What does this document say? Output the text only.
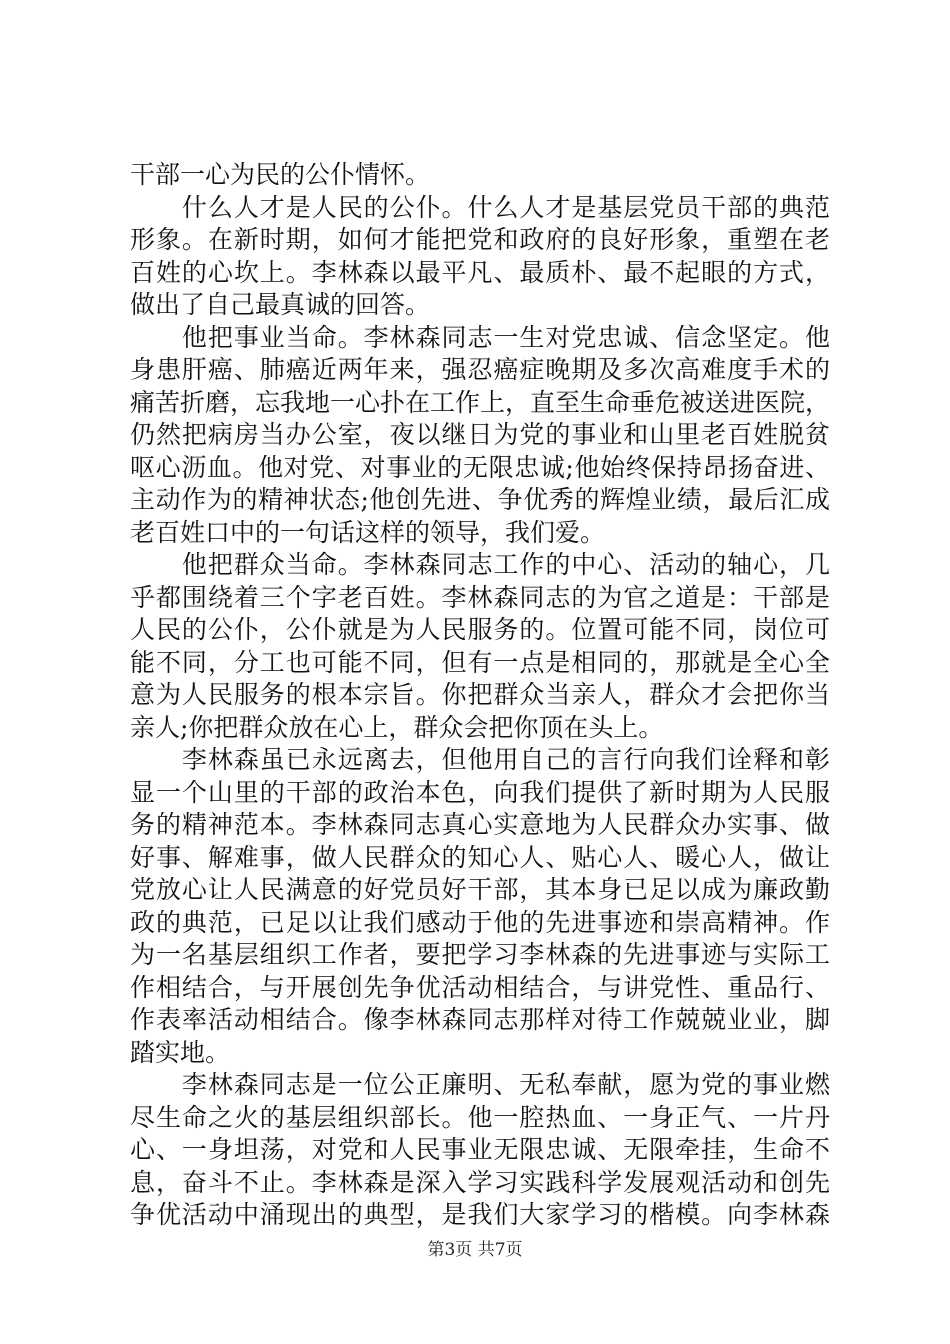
干部一心为民的公仆情怀。
　　什么人才是人民的公仆。什么人才是基层党员干部的典范
形象。在新时期，如何才能把党和政府的良好形象，重塑在老
百姓的心坎上。李林森以最平凡、最质朴、最不起眼的方式，
做出了自己最真诚的回答。
　　他把事业当命。李林森同志一生对党忠诚、信念坚定。他
身患肝癌、肺癌近两年来，强忍癌症晚期及多次高难度手术的
痛苦折磨，忘我地一心扑在工作上，直至生命垂危被送进医院，
仍然把病房当办公室，夜以继日为党的事业和山里老百姓脱贫
呕心沥血。他对党、对事业的无限忠诚;他始终保持昂扬奋进、
主动作为的精神状态;他创先进、争优秀的辉煌业绩，最后汇成
老百姓口中的一句话这样的领导，我们爱。
　　他把群众当命。李林森同志工作的中心、活动的轴心，几
乎都围绕着三个字老百姓。李林森同志的为官之道是：干部是
人民的公仆，公仆就是为人民服务的。位置可能不同，岗位可
能不同，分工也可能不同，但有一点是相同的，那就是全心全
意为人民服务的根本宗旨。你把群众当亲人，群众才会把你当
亲人;你把群众放在心上，群众会把你顶在头上。
　　李林森虽已永远离去，但他用自己的言行向我们诠释和彰
显一个山里的干部的政治本色，向我们提供了新时期为人民服
务的精神范本。李林森同志真心实意地为人民群众办实事、做
好事、解难事，做人民群众的知心人、贴心人、暖心人，做让
党放心让人民满意的好党员好干部，其本身已足以成为廉政勤
政的典范，已足以让我们感动于他的先进事迹和崇高精神。作
为一名基层组织工作者，要把学习李林森的先进事迹与实际工
作相结合，与开展创先争优活动相结合，与讲党性、重品行、
作表率活动相结合。像李林森同志那样对待工作兢兢业业，脚
踏实地。
　　李林森同志是一位公正廉明、无私奉献，愿为党的事业燃
尽生命之火的基层组织部长。他一腔热血、一身正气、一片丹
心、一身坦荡，对党和人民事业无限忠诚、无限牵挂，生命不
息，奋斗不止。李林森是深入学习实践科学发展观活动和创先
争优活动中涌现出的典型，是我们大家学习的楷模。向李林森
第3页 共7页
